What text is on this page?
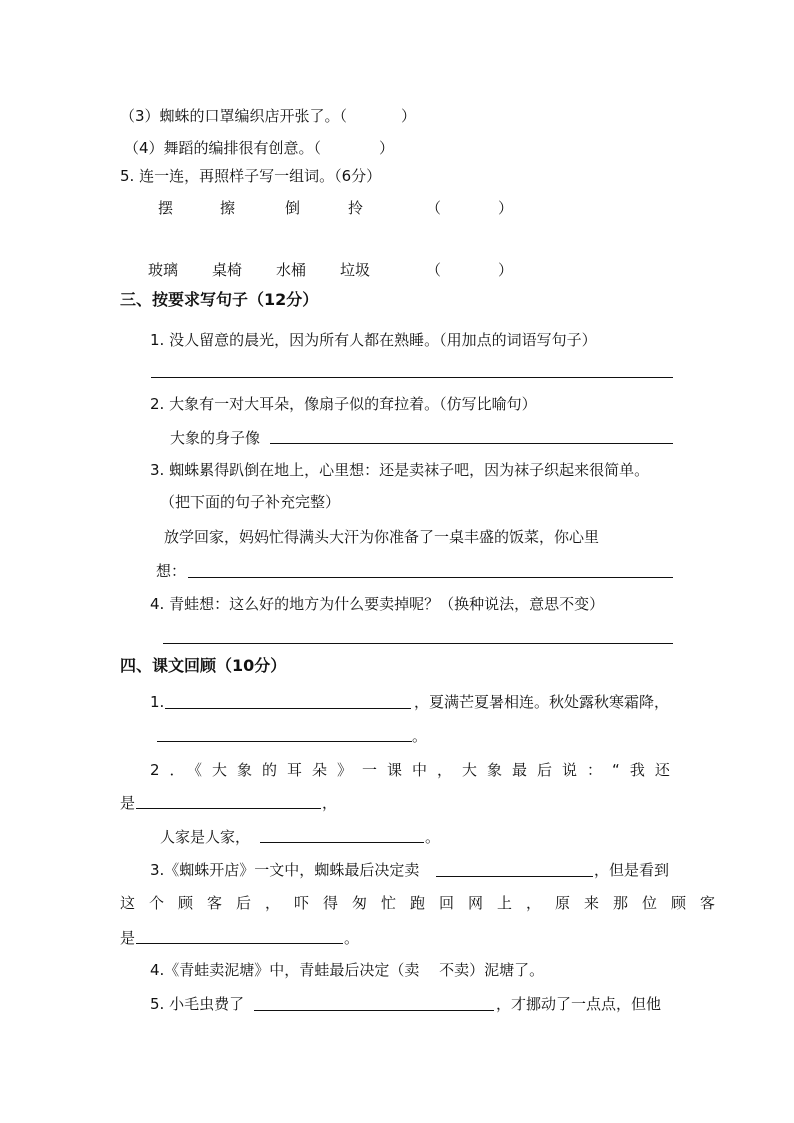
（3）蜘蛛的口罩编织店开张了。（	）
（4）舞蹈的编排很有创意。（	）
5. 连一连，再照样子写一组词。（6分）
摆	擦	倒	拎	（	）
玻璃 桌椅 水桶 垃圾	（	）
三、按要求写句子（12分）
1. 没人留意的晨光，因为所有人都在熟睡。（用加点的词语写句子）
2. 大象有一对大耳朵，像扇子似的耷拉着。（仿写比喻句）
大象的身子像
3. 蜘蛛累得趴倒在地上，心里想：还是卖袜子吧，因为袜子织起来很简单。
（把下面的句子补充完整）
放学回家，妈妈忙得满头大汗为你准备了一桌丰盛的饭菜，你心里
想：
4. 青蛙想：这么好的地方为什么要卖掉呢？（换种说法，意思不变）
四、课文回顾（10分）
1.	，夏满芒夏暑相连。秋处露秋寒霜降，
。
2．《大象的耳朵》一课中，大象最后说：“我还
是	，
人家是人家，	。
3.《蜘蛛开店》一文中，蜘蛛最后决定卖	，但是看到
这个顾客后，吓得匆忙跑回网上，原来那位顾客
是	。
4.《青蛙卖泥塘》中，青蛙最后决定（卖　 不卖）泥塘了。
5. 小毛虫费了	，才挪动了一点点，但他
